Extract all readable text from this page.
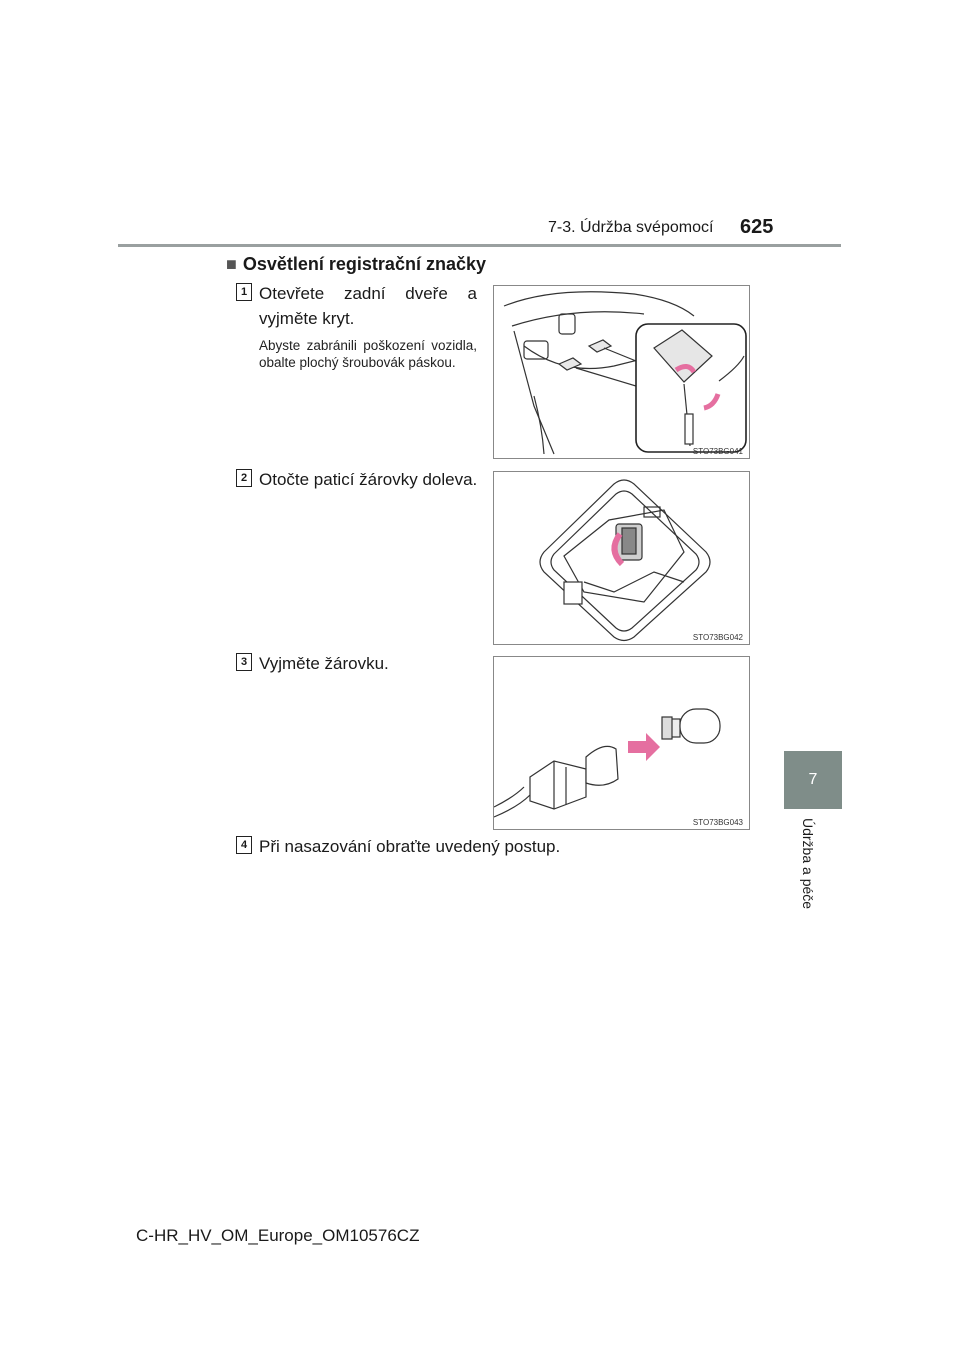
7-3. Údržba svépomocí 625
7
Údržba a péče
■ Osvětlení registrační značky
1 Otevřete zadní dveře a vyjměte kryt.
Abyste zabránili poškození vozidla, obalte plochý šroubovák páskou.
STO73BG041
2 Otočte paticí žárovky doleva.
STO73BG042
3 Vyjměte žárovku.
STO73BG043
4 Při nasazování obraťte uvedený postup.
C-HR_HV_OM_Europe_OM10576CZ
